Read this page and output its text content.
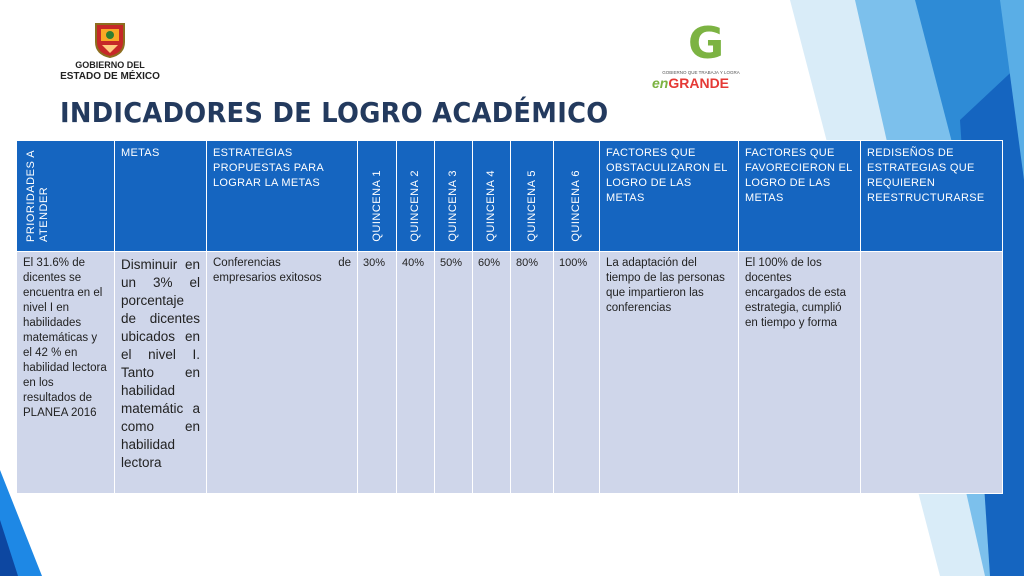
GOBIERNO DEL
ESTADO DE MÉXICO
G
GOBIERNO QUE TRABAJA Y LOGRA
enGRANDE
INDICADORES DE LOGRO ACADÉMICO
PRIORIDADES A ATENDER	METAS	ESTRATEGIAS PROPUESTAS PARA LOGRAR LA METAS	QUINCENA 1	QUINCENA 2	QUINCENA 3	QUINCENA 4	QUINCENA 5	QUINCENA 6	FACTORES QUE OBSTACULIZARON EL LOGRO DE LAS METAS	FACTORES QUE FAVORECIERON EL LOGRO DE LAS METAS	REDISEÑOS DE ESTRATEGIAS QUE REQUIEREN REESTRUCTURARSE
El 31.6% de dicentes se encuentra en el nivel I en habilidades matemáticas y el 42 % en habilidad lectora en los resultados de PLANEA 2016	Disminuir en un 3% el porcentaje de dicentes ubicados en el nivel I. Tanto en habilidad matemátic a como en habilidad lectora	Conferencias de empresarios exitosos	30%	40%	50%	60%	80%	100%	La adaptación del tiempo de las personas que impartieron las conferencias	El 100% de los docentes encargados de esta estrategia, cumplió en tiempo y forma	
